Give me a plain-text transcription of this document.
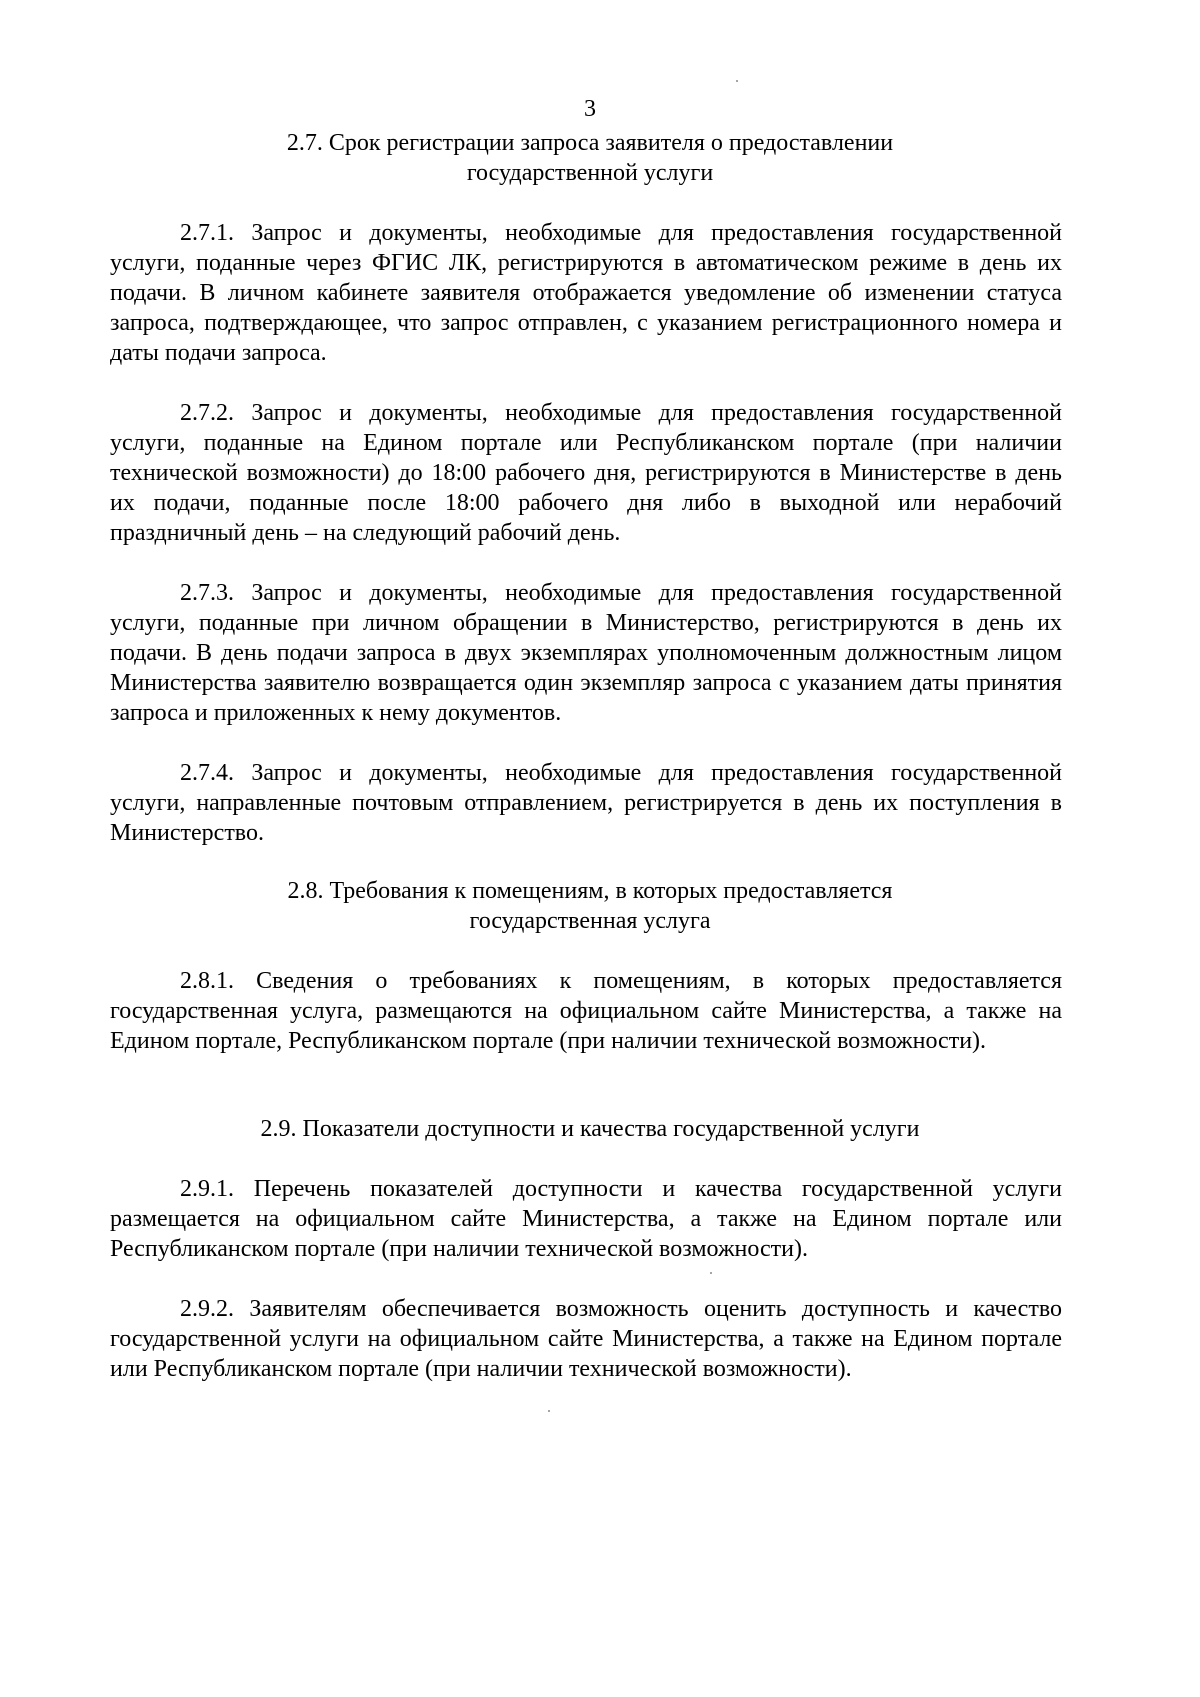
3
2.7. Срок регистрации запроса заявителя о предоставлении
государственной услуги

2.7.1. Запрос и документы, необходимые для предоставления государственной услуги, поданные через ФГИС ЛК, регистрируются в автоматическом режиме в день их подачи. В личном кабинете заявителя отображается уведомление об изменении статуса запроса, подтверждающее, что запрос отправлен, с указанием регистрационного номера и даты подачи запроса.

2.7.2. Запрос и документы, необходимые для предоставления государственной услуги, поданные на Едином портале или Республиканском портале (при наличии технической возможности) до 18:00 рабочего дня, регистрируются в Министерстве в день их подачи, поданные после 18:00 рабочего дня либо в выходной или нерабочий праздничный день – на следующий рабочий день.

2.7.3. Запрос и документы, необходимые для предоставления государственной услуги, поданные при личном обращении в Министерство, регистрируются в день их подачи. В день подачи запроса в двух экземплярах уполномоченным должностным лицом Министерства заявителю возвращается один экземпляр запроса с указанием даты принятия запроса и приложенных к нему документов.

2.7.4. Запрос и документы, необходимые для предоставления государственной услуги, направленные почтовым отправлением, регистрируется в день их поступления в Министерство.

2.8. Требования к помещениям, в которых предоставляется
государственная услуга

2.8.1. Сведения о требованиях к помещениям, в которых предоставляется государственная услуга, размещаются на официальном сайте Министерства, а также на Едином портале, Республиканском портале (при наличии технической возможности).

2.9. Показатели доступности и качества государственной услуги

2.9.1. Перечень показателей доступности и качества государственной услуги размещается на официальном сайте Министерства, а также на Едином портале или Республиканском портале (при наличии технической возможности).

2.9.2. Заявителям обеспечивается возможность оценить доступность и качество государственной услуги на официальном сайте Министерства, а также на Едином портале или Республиканском портале (при наличии технической возможности).
